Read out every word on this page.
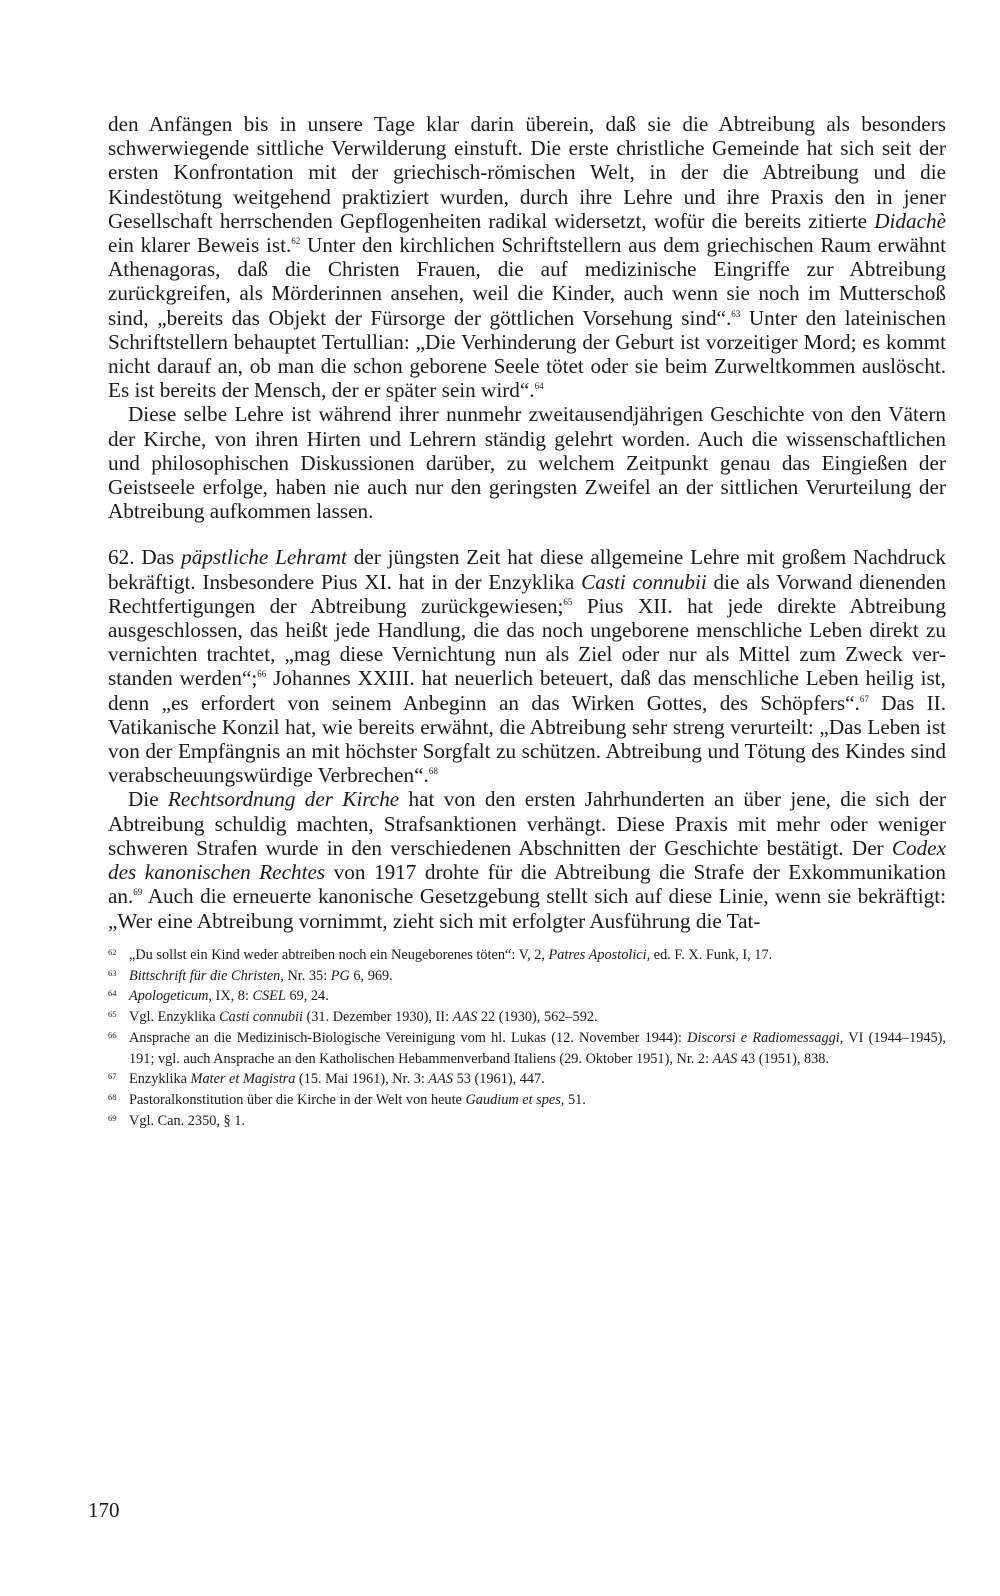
den Anfängen bis in unsere Tage klar darin überein, daß sie die Abtreibung als besonders schwerwiegende sittliche Verwilderung einstuft. Die erste christliche Gemeinde hat sich seit der ersten Konfrontation mit der griechisch-römischen Welt, in der die Abtreibung und die Kindestötung weitgehend praktiziert wurden, durch ihre Lehre und ihre Praxis den in jener Gesellschaft herrschenden Gepflogenheiten radikal widersetzt, wofür die bereits zitierte Didachè ein klarer Beweis ist.$^{62}$ Unter den kirchlichen Schriftstellern aus dem griechischen Raum erwähnt Athenagoras, daß die Christen Frauen, die auf medizinische Eingriffe zur Abtreibung zurückgreifen, als Mörderinnen ansehen, weil die Kinder, auch wenn sie noch im Mutterschoß sind, „bereits das Objekt der Fürsorge der göttlichen Vorsehung sind“.$^{63}$ Unter den lateinischen Schriftstellern behauptet Tertullian: „Die Verhinderung der Geburt ist vorzeitiger Mord; es kommt nicht darauf an, ob man die schon geborene Seele tötet oder sie beim Zurweltkommen auslöscht. Es ist bereits der Mensch, der er später sein wird“.$^{64}$

Diese selbe Lehre ist während ihrer nunmehr zweitausendjährigen Geschichte von den Vätern der Kirche, von ihren Hirten und Lehrern ständig gelehrt worden. Auch die wissenschaftlichen und philosophischen Diskussionen darüber, zu welchem Zeitpunkt genau das Eingießen der Geistseele erfolge, haben nie auch nur den geringsten Zweifel an der sittlichen Verurteilung der Abtreibung aufkommen lassen.

62. Das päpstliche Lehramt der jüngsten Zeit hat diese allgemeine Lehre mit großem Nachdruck bekräftigt. Insbesondere Pius XI. hat in der Enzyklika Casti connubii die als Vorwand dienenden Rechtfertigungen der Abtreibung zurückgewiesen;$^{65}$ Pius XII. hat jede direkte Abtreibung ausgeschlossen, das heißt jede Handlung, die das noch ungeborene menschliche Leben direkt zu vernichten trachtet, „mag diese Vernichtung nun als Ziel oder nur als Mittel zum Zweck verstanden werden“;$^{66}$ Johannes XXIII. hat neuerlich beteuert, daß das menschliche Leben heilig ist, denn „es erfordert von seinem Anbeginn an das Wirken Gottes, des Schöpfers“.$^{67}$ Das II. Vatikanische Konzil hat, wie bereits erwähnt, die Abtreibung sehr streng verurteilt: „Das Leben ist von der Empfängnis an mit höchster Sorgfalt zu schützen. Abtreibung und Tötung des Kindes sind verabscheuungswürdige Verbrechen“.$^{68}$

Die Rechtsordnung der Kirche hat von den ersten Jahrhunderten an über jene, die sich der Abtreibung schuldig machten, Strafsanktionen verhängt. Diese Praxis mit mehr oder weniger schweren Strafen wurde in den verschiedenen Abschnitten der Geschichte bestätigt. Der Codex des kanonischen Rechtes von 1917 drohte für die Abtreibung die Strafe der Exkommunikation an.$^{69}$ Auch die erneuerte kanonische Gesetzgebung stellt sich auf diese Linie, wenn sie bekräftigt: „Wer eine Abtreibung vornimmt, zieht sich mit erfolgter Ausführung die Tat-

62 „Du sollst ein Kind weder abtreiben noch ein Neugeborenes töten“: V, 2, Patres Apostolici, ed. F. X. Funk, I, 17.
63 Bittschrift für die Christen, Nr. 35: PG 6, 969.
64 Apologeticum, IX, 8: CSEL 69, 24.
65 Vgl. Enzyklika Casti connubii (31. Dezember 1930), II: AAS 22 (1930), 562–592.
66 Ansprache an die Medizinisch-Biologische Vereinigung vom hl. Lukas (12. November 1944): Discorsi e Radiomessaggi, VI (1944–1945), 191; vgl. auch Ansprache an den Katholischen Hebammenverband Italiens (29. Oktober 1951), Nr. 2: AAS 43 (1951), 838.
67 Enzyklika Mater et Magistra (15. Mai 1961), Nr. 3: AAS 53 (1961), 447.
68 Pastoralkonstitution über die Kirche in der Welt von heute Gaudium et spes, 51.
69 Vgl. Can. 2350, § 1.
170
